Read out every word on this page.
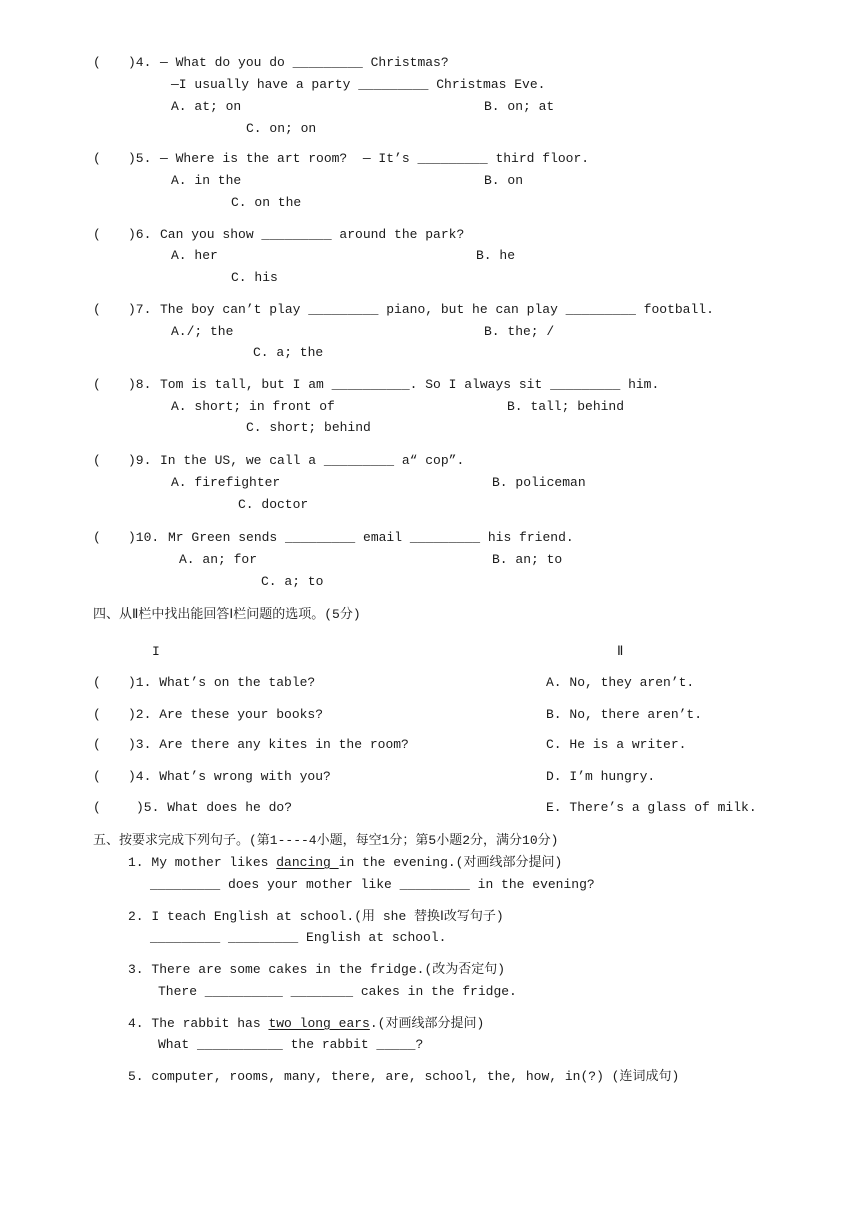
( )4. — What do you do _________ Christmas?
—I usually have a party _________ Christmas Eve.
A. at; on	B. on; at
C. on; on
( )5. — Where is the art room?  — It’s _________ third floor.
A. in the	B. on
C. on the
( )6. Can you show _________ around the park?
A. her	B. he
C. his
( )7. The boy can’t play _________ piano, but he can play _________ football.
A./; the	B. the; /
C. a; the
( )8. Tom is tall, but I am __________. So I always sit _________ him.
A. short; in front of	B. tall; behind
C. short; behind
( )9. In the US, we call a _________ a“ cop”.
A. firefighter	B. policeman
C. doctor
( )10. Mr Green sends _________ email _________ his friend.
A. an; for	B. an; to
C. a; to
四、从Ⅱ栏中找出能回答Ⅰ栏问题的选项。(5分)
I	Ⅱ
( )1. What’s on the table?	A. No, they aren’t.
( )2. Are these your books?	B. No, there aren’t.
( )3. Are there any kites in the room?	C. He is a writer.
( )4. What’s wrong with you?	D. I’m hungry.
(	)5. What does he do?	E. There’s a glass of milk.
五、按要求完成下列句子。(第1----4小题，每空1分；第5小题2分，满分10分)
1. My mother likes dancing in the evening.(对画线部分提问)
_________ does your mother like _________ in the evening?
2. I teach English at school.(用 she 替换Ⅰ改写句子)
_________ _________ English at school.
3. There are some cakes in the fridge.(改为否定句)
There __________ ________ cakes in the fridge.
4. The rabbit has two long ears.(对画线部分提问)
What ___________ the rabbit _____?
5. computer, rooms, many, there, are, school, the, how, in(?) (连词成句)
